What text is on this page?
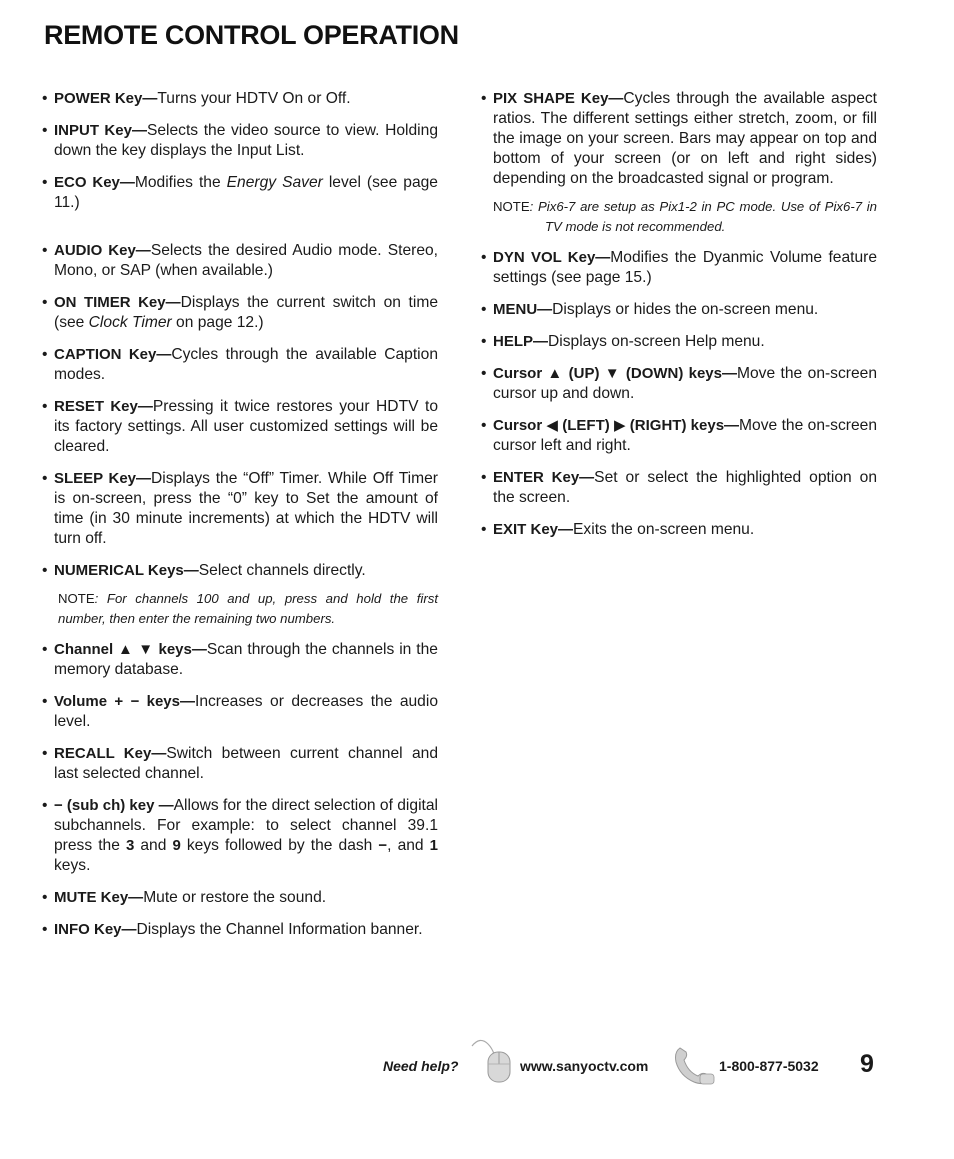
REMOTE CONTROL OPERATION
• POWER Key—Turns your HDTV On or Off.
• INPUT Key—Selects the video source to view. Holding down the key displays the Input List.
• ECO Key—Modifies the Energy Saver level (see page 11.)
• AUDIO Key—Selects the desired Audio mode. Stereo, Mono, or SAP (when available.)
• ON TIMER Key—Displays the current switch on time (see Clock Timer on page 12.)
• CAPTION Key—Cycles through the available Caption modes.
• RESET Key—Pressing it twice restores your HDTV to its factory settings. All user customized settings will be cleared.
• SLEEP Key—Displays the “Off” Timer. While Off Timer is on-screen, press the “0” key to Set the amount of time (in 30 minute increments) at which the HDTV will turn off.
• NUMERICAL Keys—Select channels directly.
NOTE: For channels 100 and up, press and hold the first number, then enter the remaining two numbers.
• Channel ▲ ▼ keys—Scan through the channels in the memory database.
• Volume + − keys—Increases or decreases the audio level.
• RECALL Key—Switch between current channel and last selected channel.
• − (sub ch) key —Allows for the direct selection of digital subchannels. For example: to select channel 39.1 press the 3 and 9 keys followed by the dash −, and 1 keys.
• MUTE Key—Mute or restore the sound.
• INFO Key—Displays the Channel Information banner.
• PIX SHAPE Key—Cycles through the available aspect ratios. The different settings either stretch, zoom, or fill the image on your screen. Bars may appear on top and bottom of your screen (or on left and right sides) depending on the broadcasted signal or program.
NOTE: Pix6-7 are setup as Pix1-2 in PC mode. Use of Pix6-7 in TV mode is not recommended.
• DYN VOL Key—Modifies the Dyanmic Volume feature settings (see page 15.)
• MENU—Displays or hides the on-screen menu.
• HELP—Displays on-screen Help menu.
• Cursor ▲ (UP) ▼ (DOWN) keys—Move the on-screen cursor up and down.
• Cursor ◀ (LEFT) ▶ (RIGHT) keys—Move the on-screen cursor left and right.
• ENTER Key—Set or select the highlighted option on the screen.
• EXIT Key—Exits the on-screen menu.
Need help?	www.sanyoctv.com	1-800-877-5032 9
